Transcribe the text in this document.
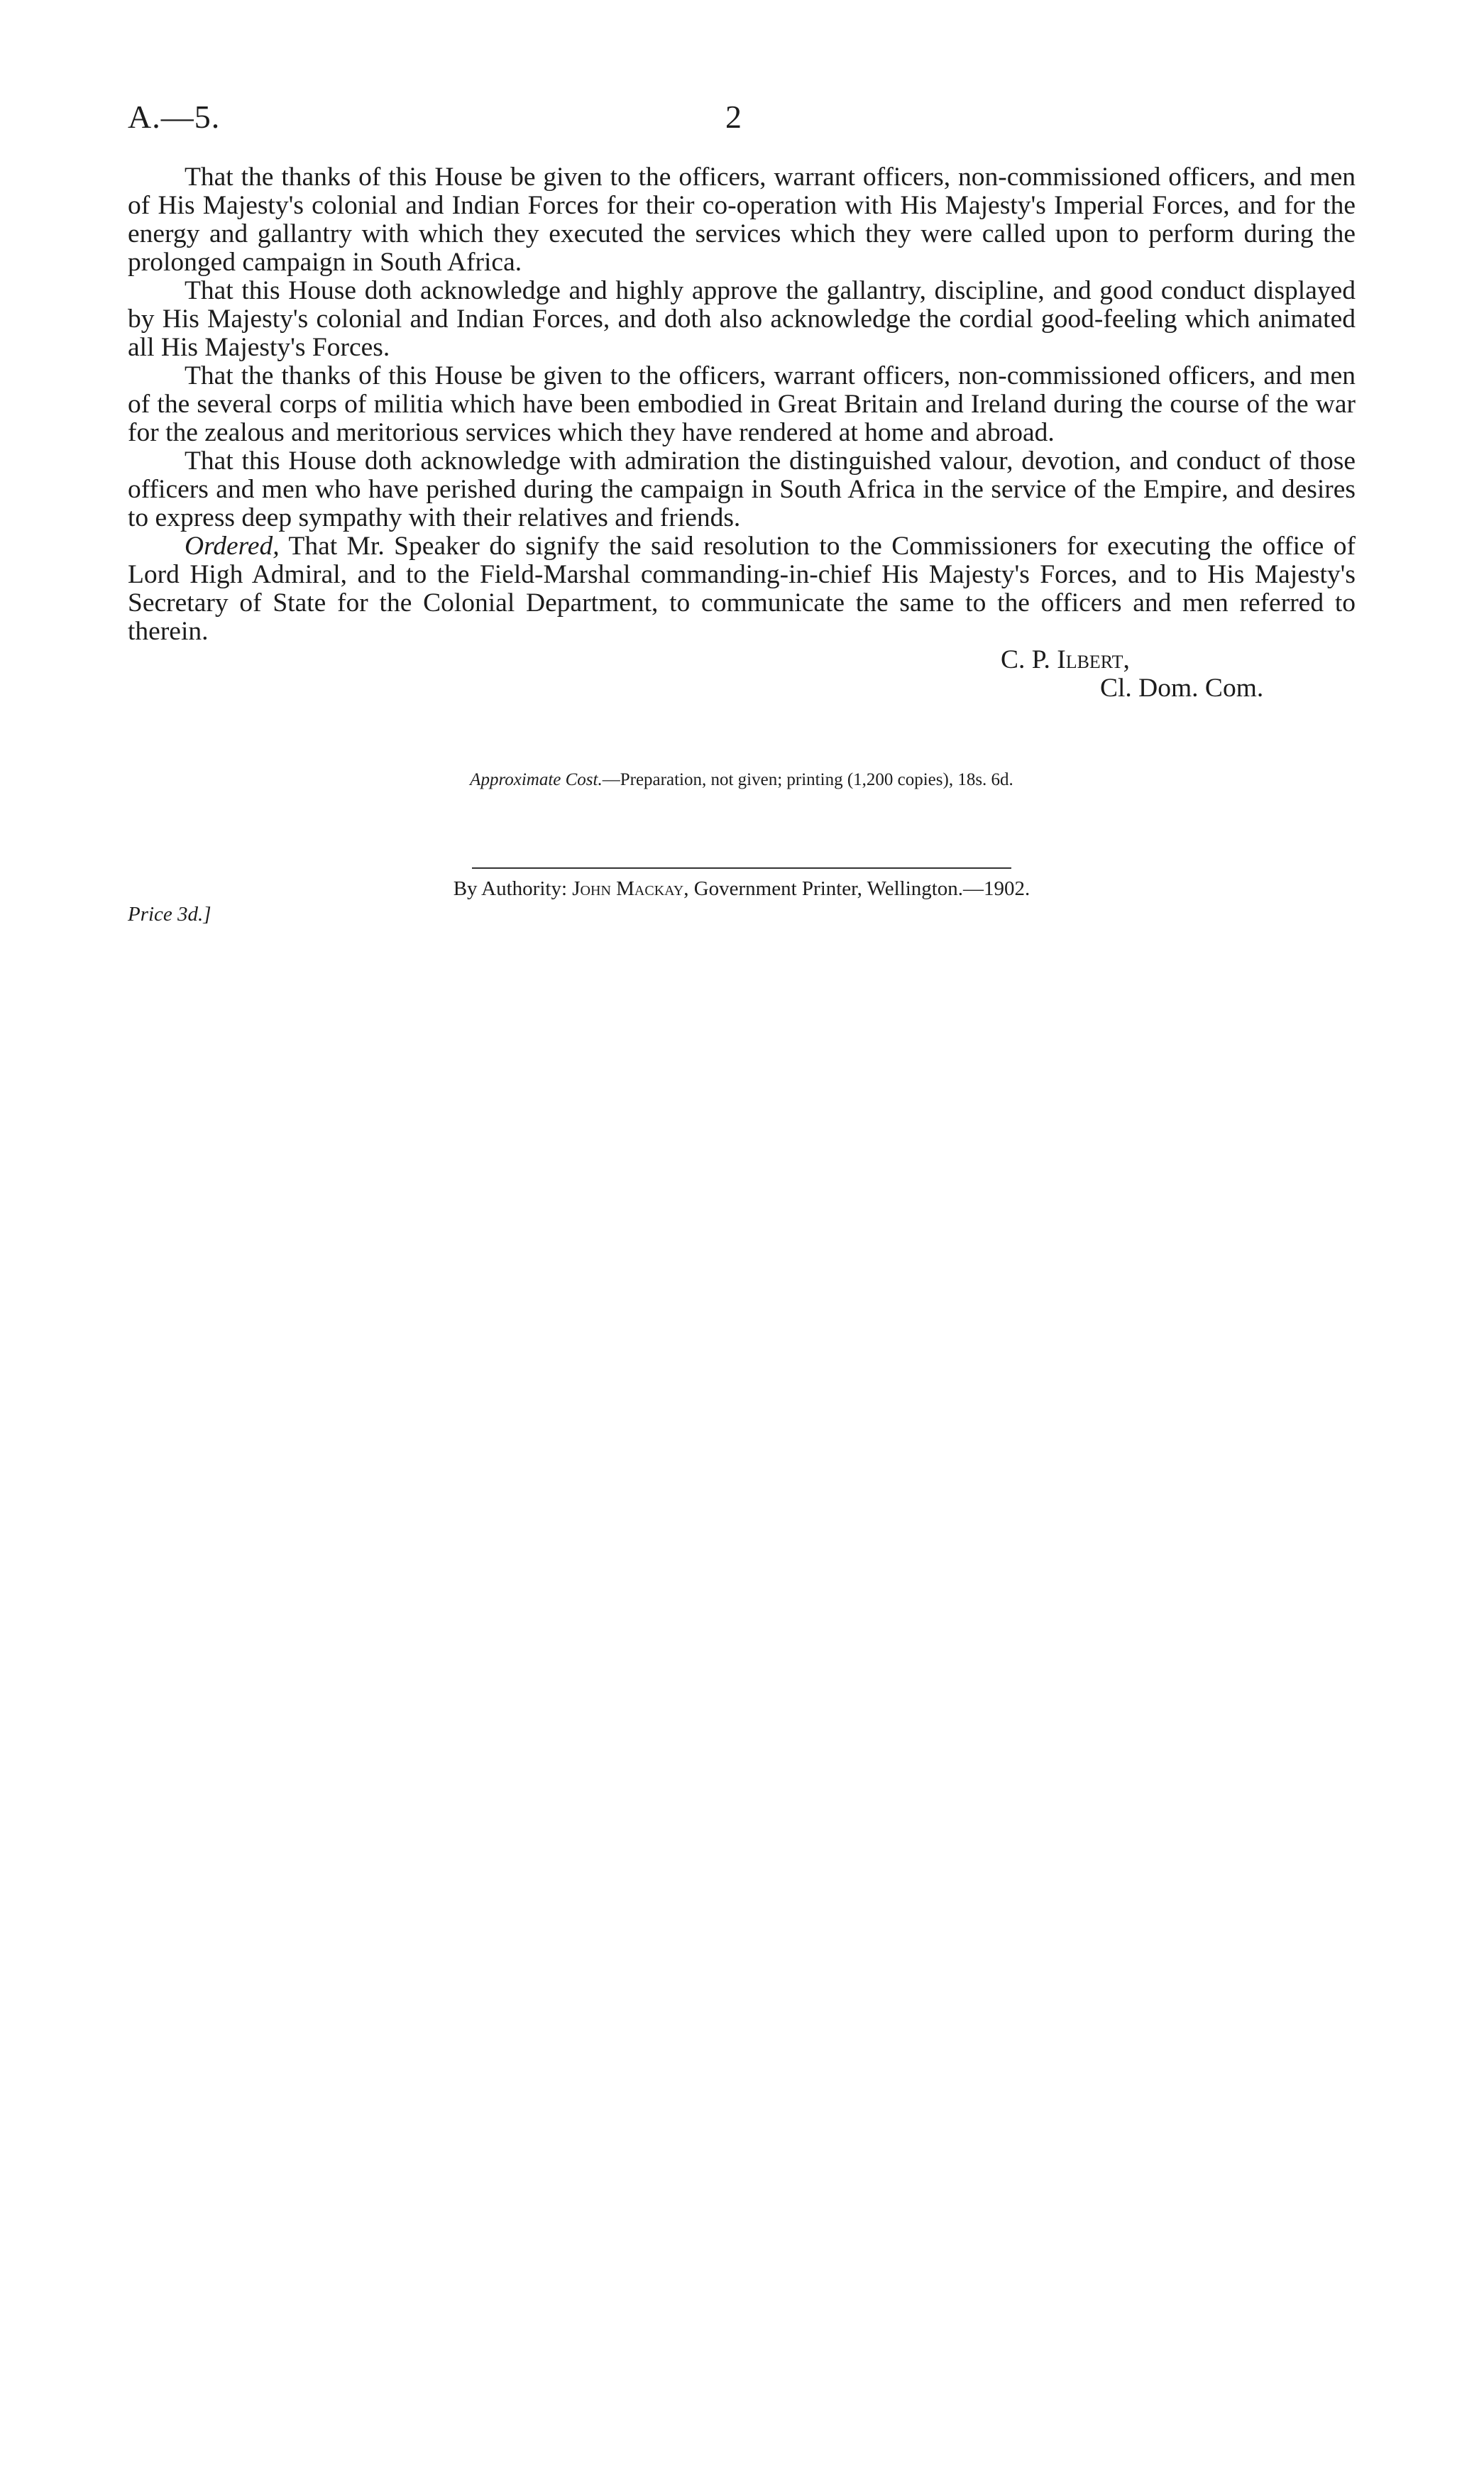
A.—5.	2

That the thanks of this House be given to the officers, warrant officers, non-commissioned officers, and men of His Majesty's colonial and Indian Forces for their co-operation with His Majesty's Imperial Forces, and for the energy and gallantry with which they executed the services which they were called upon to perform during the prolonged campaign in South Africa.

That this House doth acknowledge and highly approve the gallantry, discipline, and good conduct displayed by His Majesty's colonial and Indian Forces, and doth also acknowledge the cordial good-feeling which animated all His Majesty's Forces.

That the thanks of this House be given to the officers, warrant officers, non-commissioned officers, and men of the several corps of militia which have been embodied in Great Britain and Ireland during the course of the war for the zealous and meritorious services which they have rendered at home and abroad.

That this House doth acknowledge with admiration the distinguished valour, devotion, and conduct of those officers and men who have perished during the campaign in South Africa in the service of the Empire, and desires to express deep sympathy with their relatives and friends.

Ordered, That Mr. Speaker do signify the said resolution to the Commissioners for executing the office of Lord High Admiral, and to the Field-Marshal commanding-in-chief His Majesty's Forces, and to His Majesty's Secretary of State for the Colonial Department, to communicate the same to the officers and men referred to therein.

C. P. Ilbert,
Cl. Dom. Com.
Approximate Cost.—Preparation, not given; printing (1,200 copies), 18s. 6d.
By Authority: John Mackay, Government Printer, Wellington.—1902.
Price 3d.]
